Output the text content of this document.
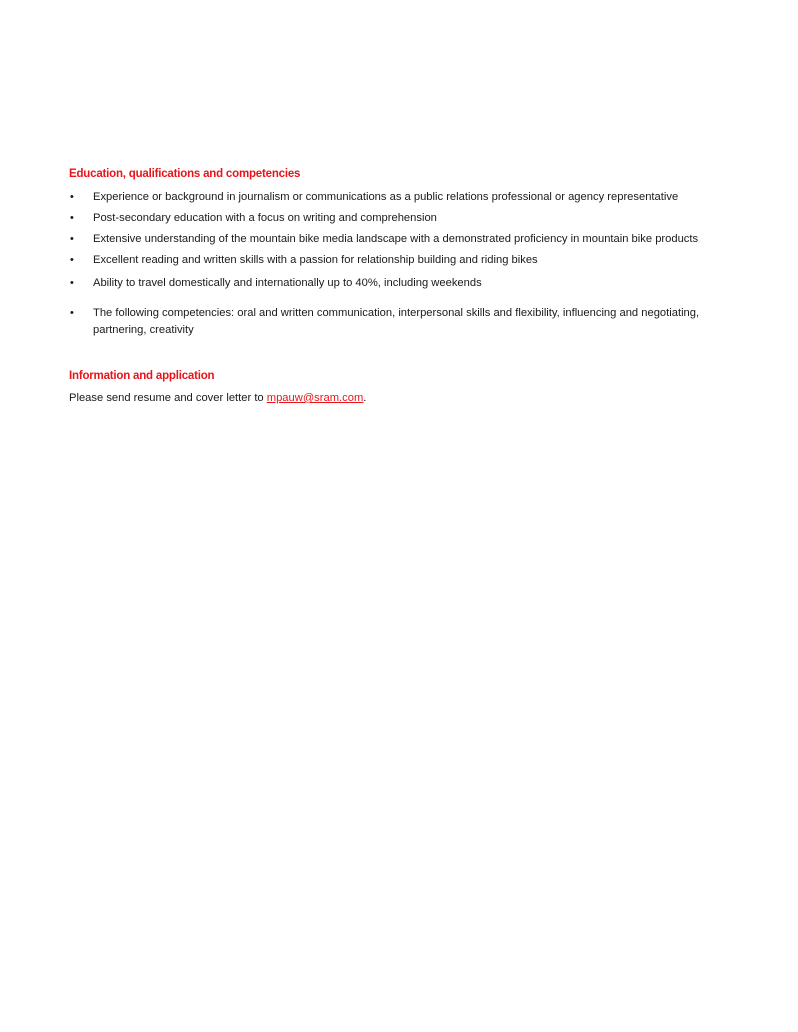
Education, qualifications and competencies
• Experience or background in journalism or communications as a public relations professional or agency representative
• Post-secondary education with a focus on writing and comprehension
• Extensive understanding of the mountain bike media landscape with a demonstrated proficiency in mountain bike products
• Excellent reading and written skills with a passion for relationship building and riding bikes
• Ability to travel domestically and internationally up to 40%, including weekends
• The following competencies: oral and written communication, interpersonal skills and flexibility, influencing and negotiating, partnering, creativity
Information and application

Please send resume and cover letter to mpauw@sram.com.
